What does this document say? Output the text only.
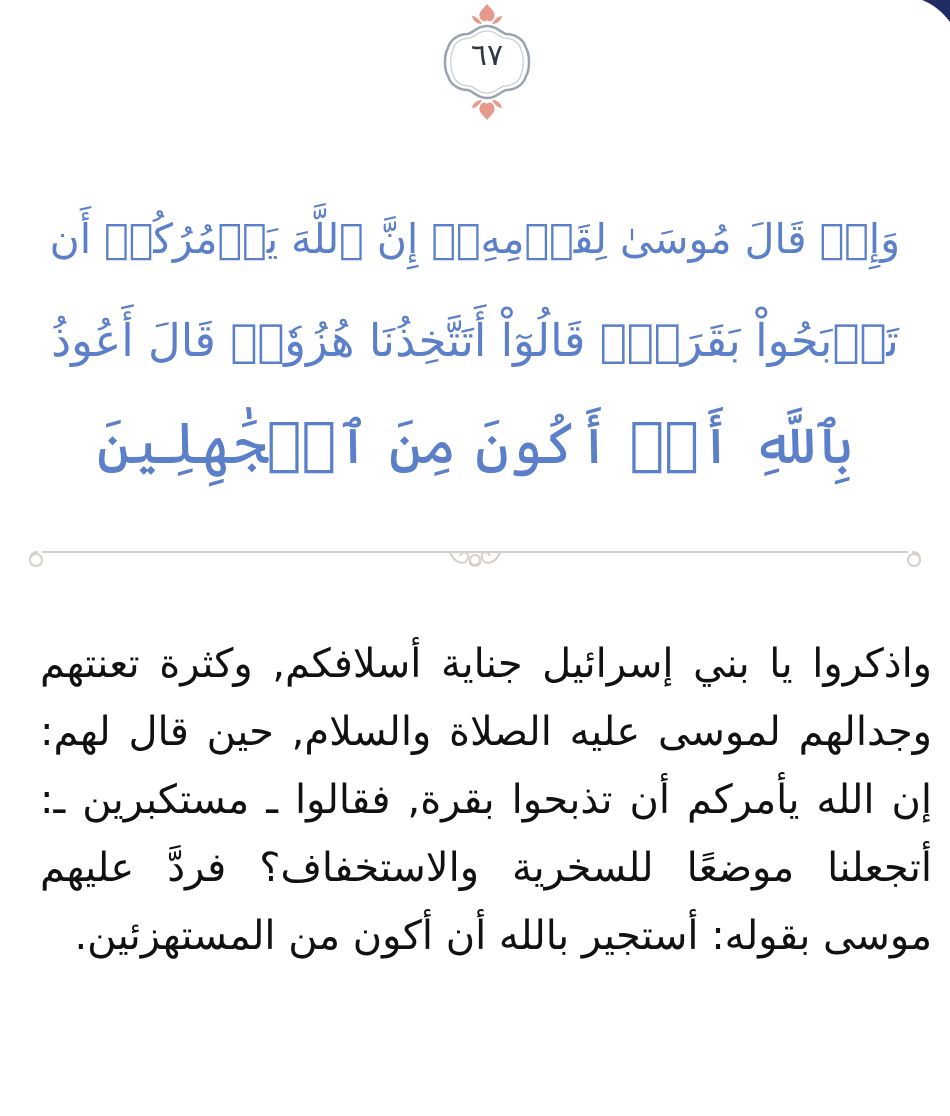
٦٧
وَإِذۡ قَالَ مُوسَىٰ لِقَوۡمِهِۦٓ إِنَّ ٱللَّهَ يَأۡمُرُكُمۡ أَن
تَذۡبَحُواْ بَقَرَةٗۖ قَالُوٓاْ أَتَتَّخِذُنَا هُزُوٗاۖ قَالَ أَعُوذُ
بِٱللَّهِ أَنۡ أَكُونَ مِنَ ٱلۡجَٰهِلِينَ
واذكروا يا بني إسرائيل جناية أسلافكم, وكثرة تعنتهم
وجدالهم لموسى عليه الصلاة والسلام, حين قال لهم:
إن الله يأمركم أن تذبحوا بقرة, فقالوا ـ مستكبرين ـ:
أتجعلنا موضعًا للسخرية والاستخفاف؟ فردَّ عليهم
موسى بقوله: أستجير بالله أن أكون من المستهزئين.
